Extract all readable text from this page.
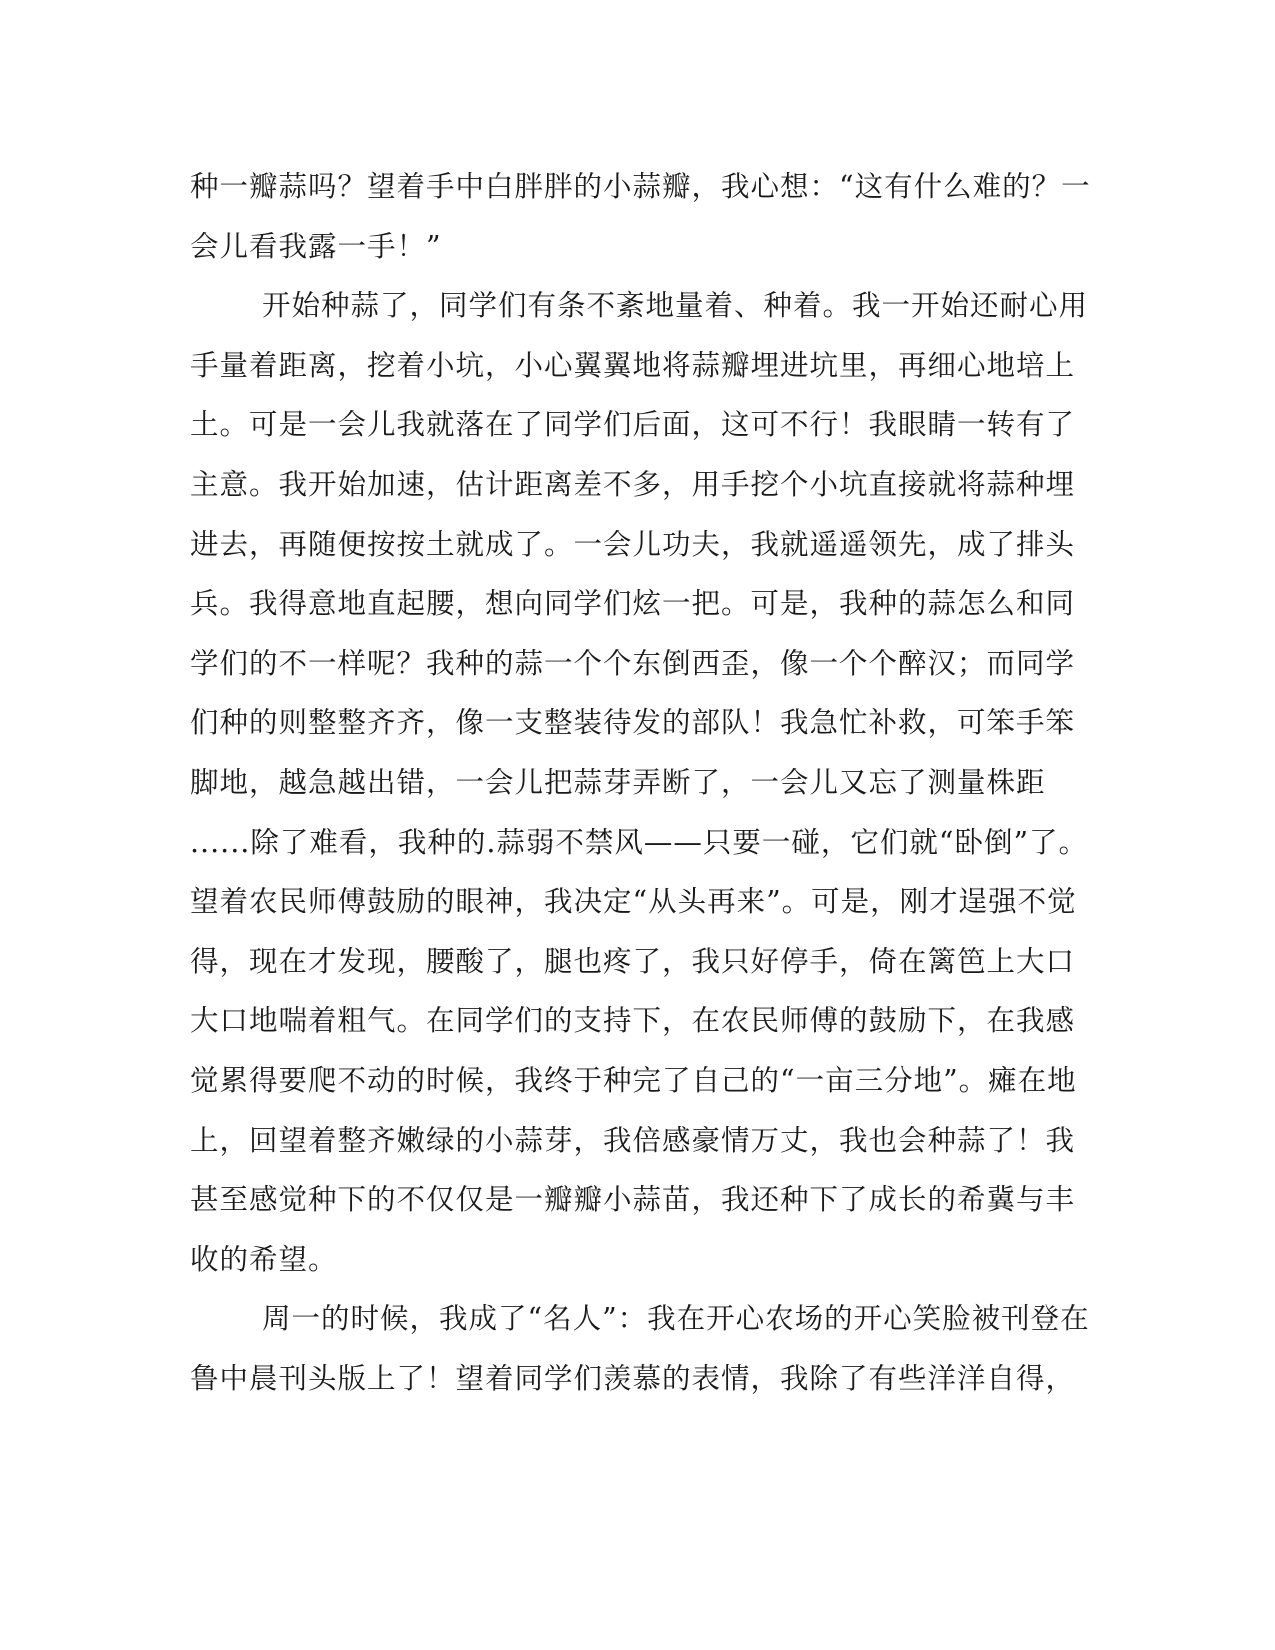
种一瓣蒜吗？望着手中白胖胖的小蒜瓣，我心想：“这有什么难的？一
会儿看我露一手！”
开始种蒜了，同学们有条不紊地量着、种着。我一开始还耐心用
手量着距离，挖着小坑，小心翼翼地将蒜瓣埋进坑里，再细心地培上
土。可是一会儿我就落在了同学们后面，这可不行！我眼睛一转有了
主意。我开始加速，估计距离差不多，用手挖个小坑直接就将蒜种埋
进去，再随便按按土就成了。一会儿功夫，我就遥遥领先，成了排头
兵。我得意地直起腰，想向同学们炫一把。可是，我种的蒜怎么和同
学们的不一样呢？我种的蒜一个个东倒西歪，像一个个醉汉；而同学
们种的则整整齐齐，像一支整装待发的部队！我急忙补救，可笨手笨
脚地，越急越出错，一会儿把蒜芽弄断了，一会儿又忘了测量株距
......除了难看，我种的.蒜弱不禁风——只要一碰，它们就“卧倒”了。
望着农民师傅鼓励的眼神，我决定“从头再来”。可是，刚才逞强不觉
得，现在才发现，腰酸了，腿也疼了，我只好停手，倚在篱笆上大口
大口地喘着粗气。在同学们的支持下，在农民师傅的鼓励下，在我感
觉累得要爬不动的时候，我终于种完了自己的“一亩三分地”。瘫在地
上，回望着整齐嫩绿的小蒜芽，我倍感豪情万丈，我也会种蒜了！我
甚至感觉种下的不仅仅是一瓣瓣小蒜苗，我还种下了成长的希冀与丰
收的希望。
周一的时候，我成了“名人”：我在开心农场的开心笑脸被刊登在
鲁中晨刊头版上了！望着同学们羡慕的表情，我除了有些洋洋自得，
